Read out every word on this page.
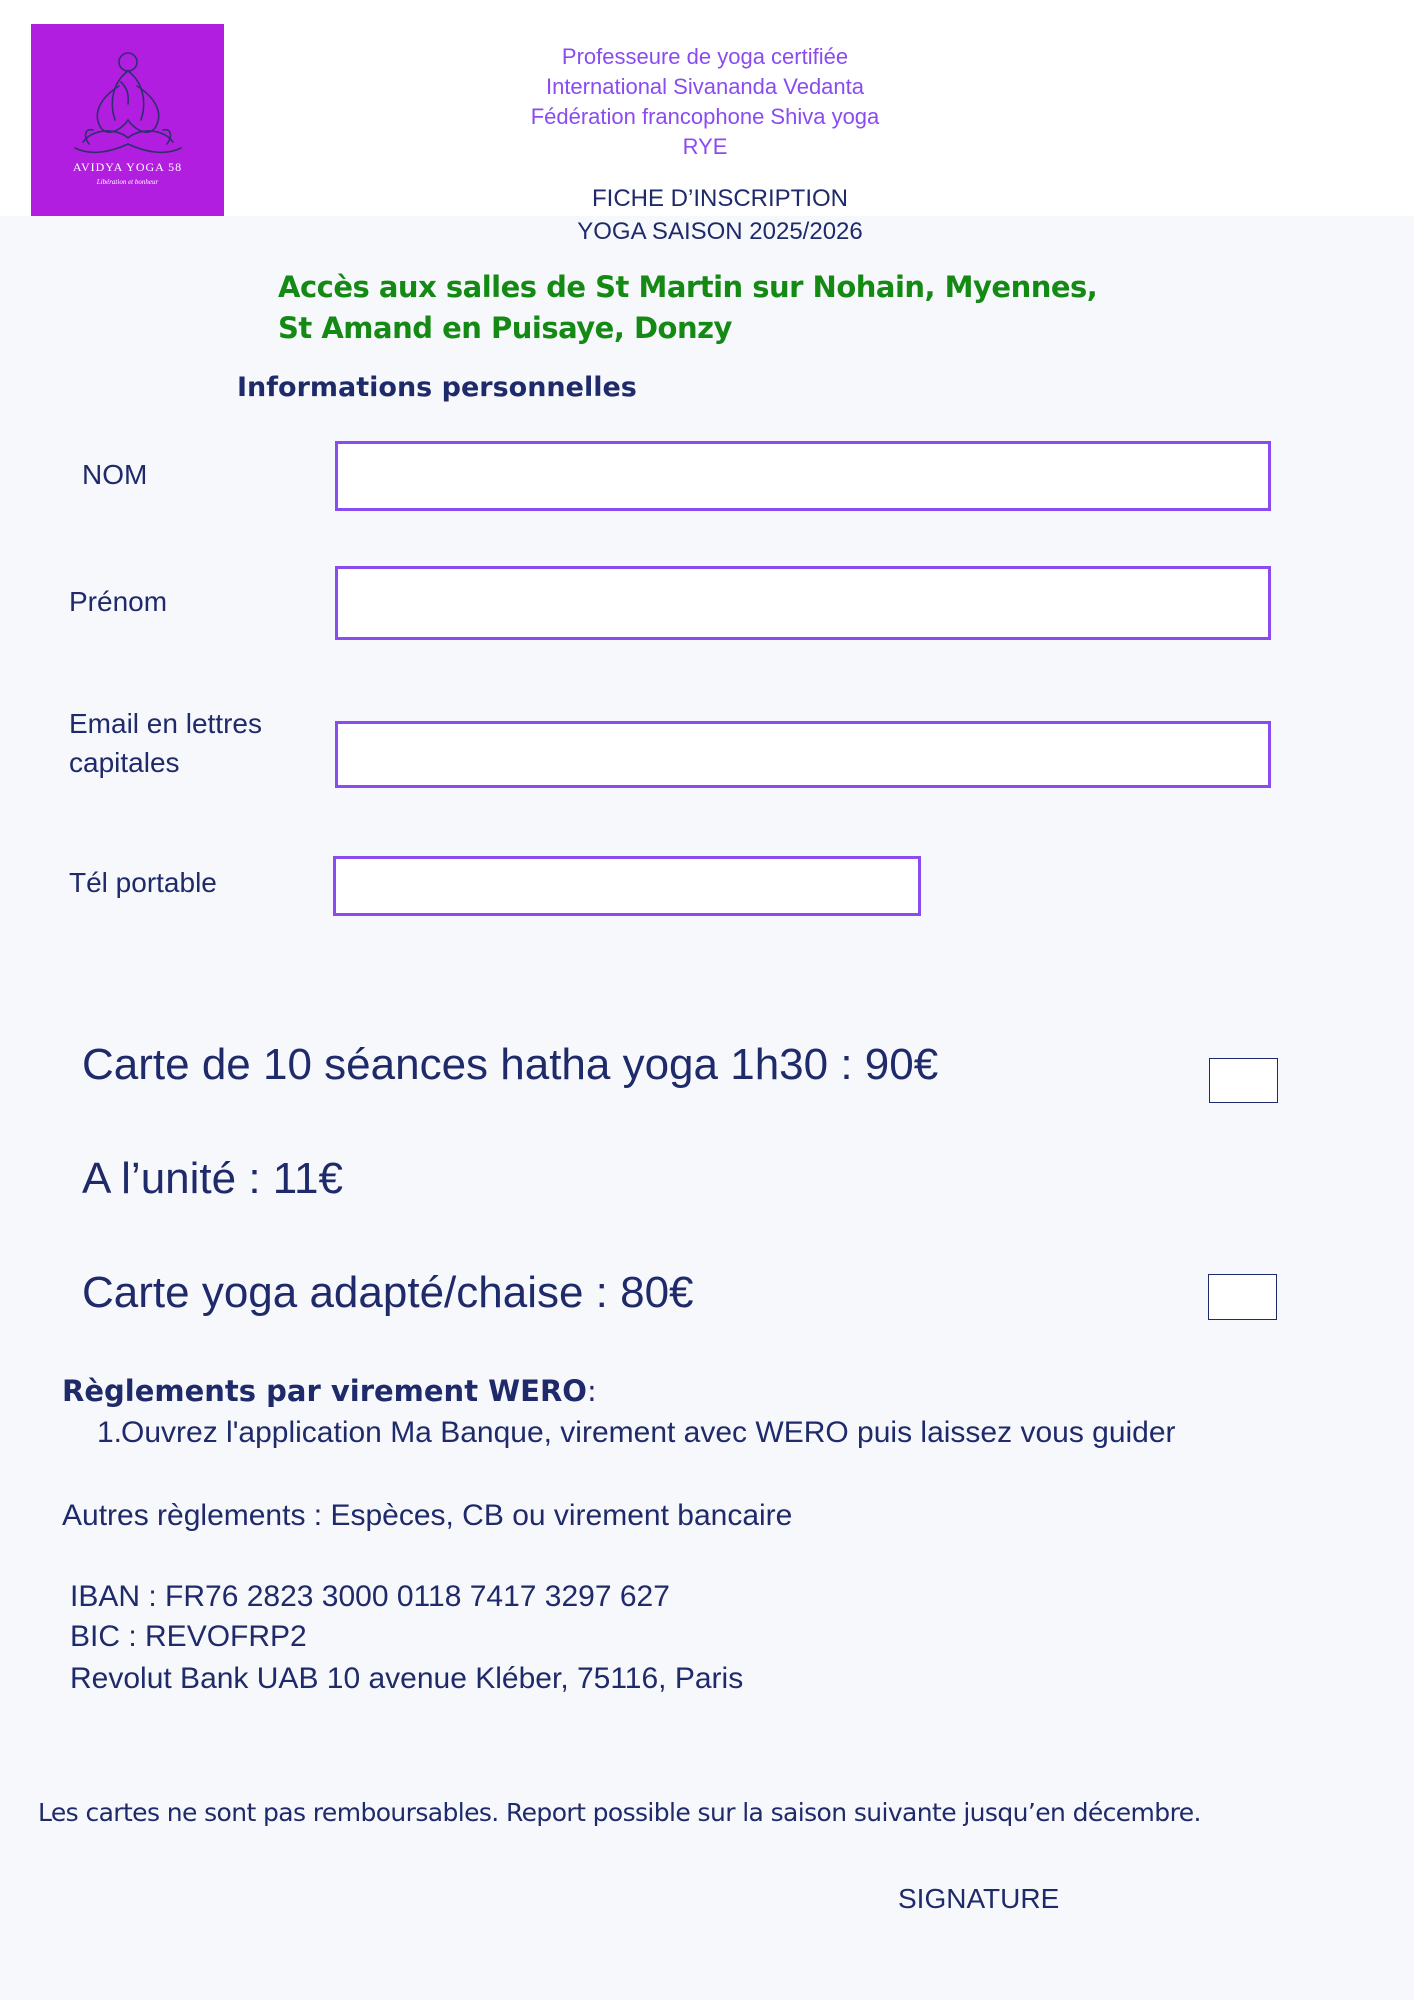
AVIDYA YOGA 58
Libération et bonheur
Professeure de yoga certifiée
International Sivananda Vedanta
Fédération francophone Shiva yoga
RYE
FICHE D’INSCRIPTION
YOGA SAISON 2025/2026
Accès aux salles de St Martin sur Nohain, Myennes,
St Amand en Puisaye, Donzy
Informations personnelles
NOM
Prénom
Email en lettres
capitales
Tél portable
Carte de 10 séances hatha yoga 1h30 : 90€
A l’unité : 11€
Carte yoga adapté/chaise : 80€
Règlements par virement WERO:
1.
Ouvrez l'application Ma Banque, virement avec WERO puis laissez vous guider
Autres règlements : Espèces, CB ou virement bancaire
IBAN : FR76 2823 3000 0118 7417 3297 627
BIC : REVOFRP2
Revolut Bank UAB 10 avenue Kléber, 75116, Paris
Les cartes ne sont pas remboursables. Report possible sur la saison suivante jusqu’en décembre.
SIGNATURE
